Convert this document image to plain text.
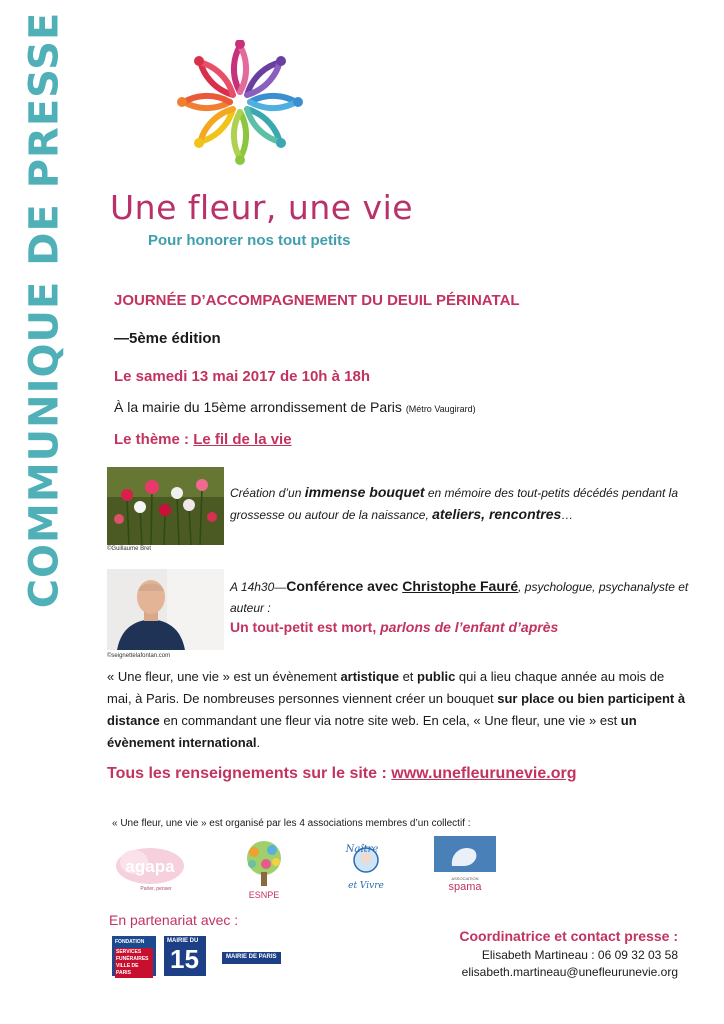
COMMUNIQUE DE PRESSE Une fleur, une vie
Pour honorer nos tout petits
JOURNÉE D’ACCOMPAGNEMENT DU DEUIL PÉRINATAL
—5ème édition
Le samedi 13 mai 2017 de 10h à 18h
À la mairie du 15ème arrondissement de Paris (Métro Vaugirard)
Le thème : Le fil de la vie
©Guillaume Bret
Création d’un immense bouquet en mémoire des tout-petits décédés pendant la grossesse ou autour de la naissance, ateliers, rencontres…
©seignettelafontan.com
A 14h30—Conférence avec Christophe Fauré, psychologue, psychanalyste et auteur :
Un tout-petit est mort, parlons de l’enfant d’après
« Une fleur, une vie » est un évènement artistique et public qui a lieu chaque année au mois de mai, à Paris. De nombreuses personnes viennent créer un bouquet sur place ou bien participent à distance en commandant une fleur via notre site web. En cela, « Une fleur, une vie » est un évènement international.
Tous les renseignements sur le site : www.unefleurunevie.org
« Une fleur, une vie » est organisé par les 4 associations membres d’un collectif :
agapa
Parler, penser
ESNPE
Naître
et Vivre
ASSOCIATION
spama
En partenariat avec :
FONDATION
SERVICES FUNÉRAIRES VILLE DE PARIS
sous l'égide de la FONDATION DE FRANCE
MAIRIE DU
15	MAIRIE DE PARIS
Coordinatrice et contact presse :
Elisabeth Martineau : 06 09 32 03 58
elisabeth.martineau@unefleurunevie.org
